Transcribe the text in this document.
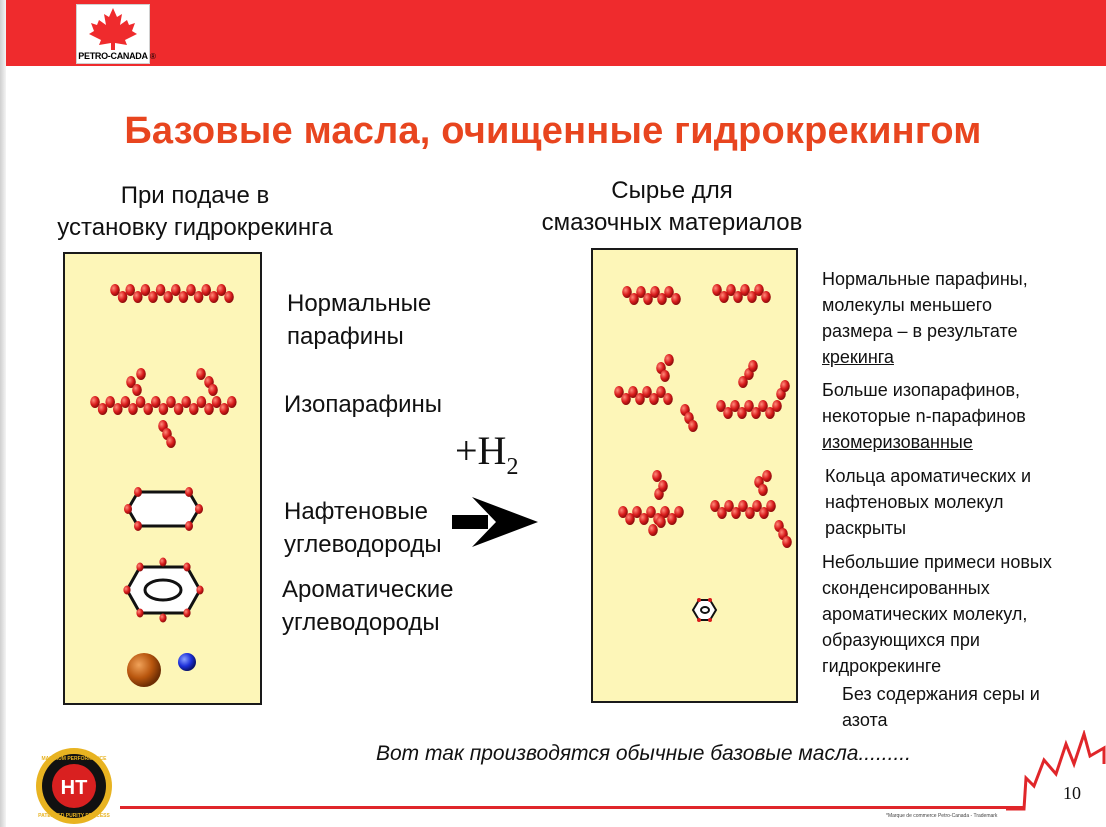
PETRO-CANADA ®
Базовые масла, очищенные гидрокрекингом
При подаче в
установку гидрокрекинга
Сырье для
смазочных материалов
Нормальные
парафины
Изопарафины
Нафтеновые
углеводороды
Ароматические
углеводороды
$+H_2$
Нормальные парафины,
молекулы меньшего
размера – в результате
крекинга
Больше изопарафинов,
некоторые n-парафинов
изомеризованные
Кольца ароматических и
нафтеновых молекул
раскрыты
Небольшие примеси новых
сконденсированных
ароматических молекул,
образующихся при
гидрокрекинге
Без содержания серы и
азота
Вот так производятся обычные базовые масла.........
HT
MAXIMUM PERFORMANCE
PATENTED PURITY PROCESS
10
*Marque de commerce Petro-Canada - Trademark
